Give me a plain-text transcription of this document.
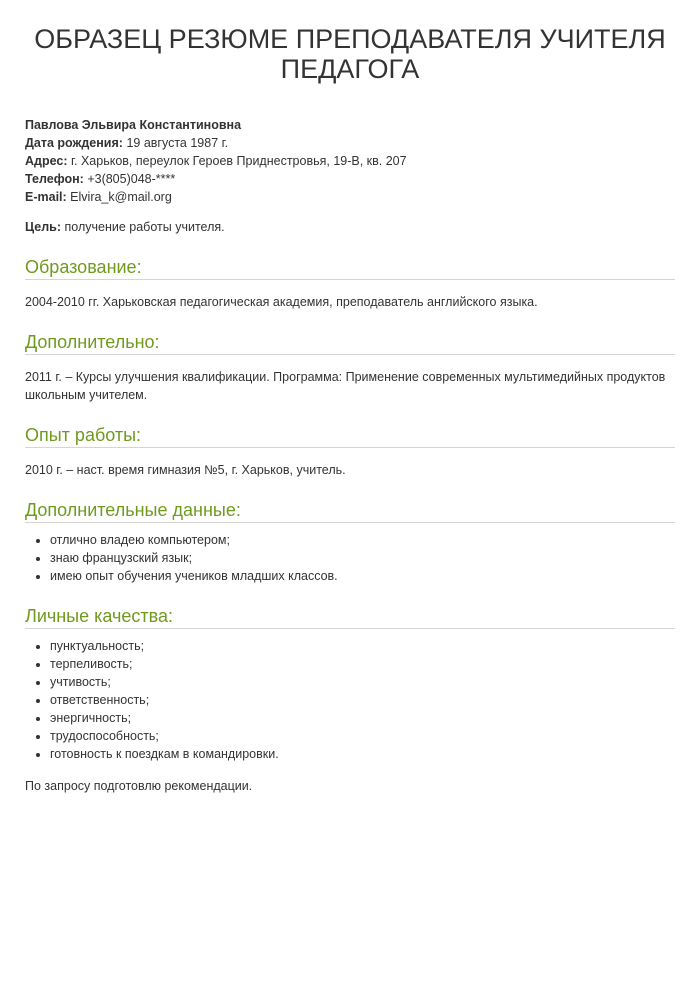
ОБРАЗЕЦ РЕЗЮМЕ ПРЕПОДАВАТЕЛЯ УЧИТЕЛЯ ПЕДАГОГА
Павлова Эльвира Константиновна
Дата рождения: 19 августа 1987 г.
Адрес: г. Харьков, переулок Героев Приднестровья, 19-В, кв. 207
Телефон: +3(805)048-****
E-mail: Elvira_k@mail.org
Цель: получение работы учителя.
Образование:
2004-2010 гг. Харьковская педагогическая академия, преподаватель английского языка.
Дополнительно:
2011 г. – Курсы улучшения квалификации. Программа: Применение современных мультимедийных продуктов школьным учителем.
Опыт работы:
2010 г. – наст. время гимназия №5, г. Харьков, учитель.
Дополнительные данные:
• отлично владею компьютером;
• знаю французский язык;
• имею опыт обучения учеников младших классов.
Личные качества:
• пунктуальность;
• терпеливость;
• учтивость;
• ответственность;
• энергичность;
• трудоспособность;
• готовность к поездкам в командировки.
По запросу подготовлю рекомендации.
